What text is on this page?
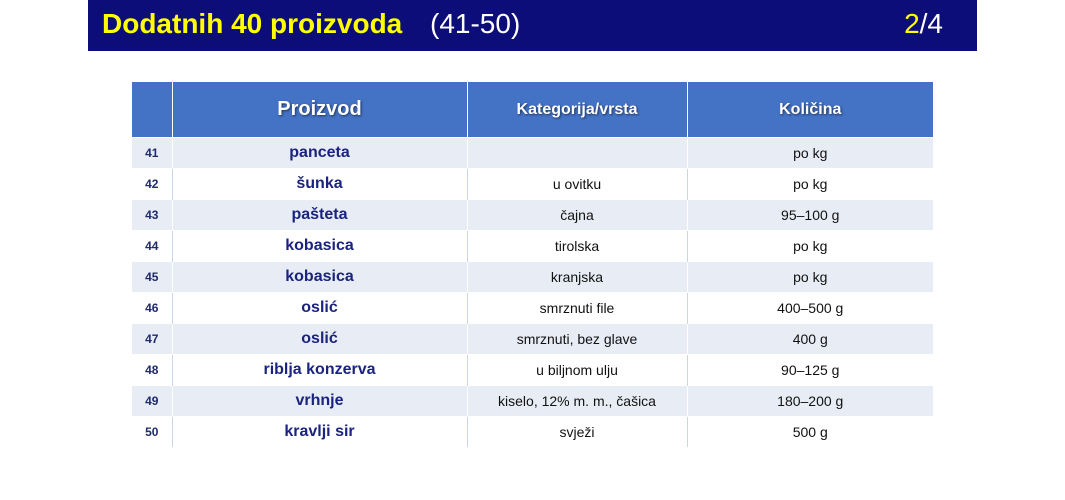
Dodatnih 40 proizvoda (41-50)	2/4
	Proizvod	Kategorija/vrsta	Količina
41	panceta		po kg
42	šunka	u ovitku	po kg
43	pašteta	čajna	95–100 g
44	kobasica	tirolska	po kg
45	kobasica	kranjska	po kg
46	oslić	smrznuti file	400–500 g
47	oslić	smrznuti, bez glave	400 g
48	riblja konzerva	u biljnom ulju	90–125 g
49	vrhnje	kiselo, 12% m. m., čašica	180–200 g
50	kravlji sir	svježi	500 g
